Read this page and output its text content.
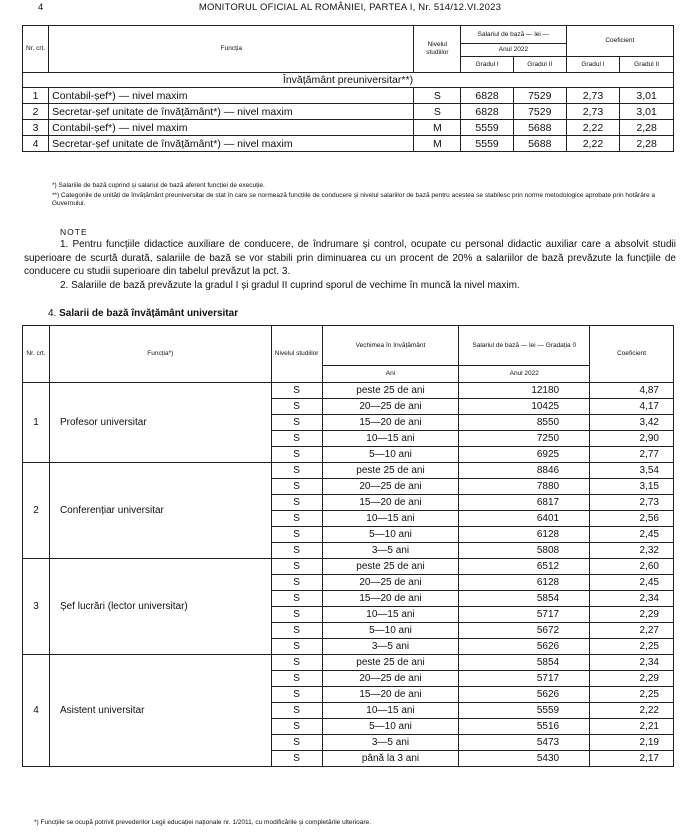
4	MONITORUL OFICIAL AL ROMÂNIEI, PARTEA I, Nr. 514/12.VI.2023
Nr. crt.	Funcția	Nivelul studiilor	Salariul de bază — lei —		Coeficient	
			Anul 2022			
			Gradul I	Gradul II	Gradul I	Gradul II
Învățământ preuniversitar**)						
1	Contabil-șef*) — nivel maxim	S	6828	7529	2,73	3,01
2	Secretar-șef unitate de învățământ*) — nivel maxim	S	6828	7529	2,73	3,01
3	Contabil-șef*) — nivel maxim	M	5559	5688	2,22	2,28
4	Secretar-șef unitate de învățământ*) — nivel maxim	M	5559	5688	2,22	2,28
*) Salariile de bază cuprind și salariul de bază aferent funcției de execuție.
**) Categoriile de unități de învățământ preuniversitar de stat în care se normează funcțiile de conducere și nivelul salariilor de bază pentru acestea se stabilesc prin norme metodologice aprobate prin hotărâre a Guvernului.
NOTE

1. Pentru funcțiile didactice auxiliare de conducere, de îndrumare și control, ocupate cu personal didactic auxiliar care a absolvit studii superioare de scurtă durată, salariile de bază se vor stabili prin diminuarea cu un procent de 20% a salariilor de bază prevăzute la funcțiile de conducere cu studii superioare din tabelul prevăzut la pct. 3.

2. Salariile de bază prevăzute la gradul I și gradul II cuprind sporul de vechime în muncă la nivel maxim.

4. Salarii de bază învățământ universitar
Nr. crt.	Funcția*)	Nivelul studiilor	Vechimea în învățământ	Salariul de bază — lei — Gradația 0	Coeficient
			Ani	Anul 2022	
1	Profesor universitar	S	peste 25 de ani	12180	4,87
		S	20—25 de ani	10425	4,17
		S	15—20 de ani	8550	3,42
		S	10—15 ani	7250	2,90
		S	5—10 ani	6925	2,77
2	Conferențiar universitar	S	peste 25 de ani	8846	3,54
		S	20—25 de ani	7880	3,15
		S	15—20 de ani	6817	2,73
		S	10—15 ani	6401	2,56
		S	5—10 ani	6128	2,45
		S	3—5 ani	5808	2,32
3	Șef lucrări (lector universitar)	S	peste 25 de ani	6512	2,60
		S	20—25 de ani	6128	2,45
		S	15—20 de ani	5854	2,34
		S	10—15 ani	5717	2,29
		S	5—10 ani	5672	2,27
		S	3—5 ani	5626	2,25
4	Asistent universitar	S	peste 25 de ani	5854	2,34
		S	20—25 de ani	5717	2,29
		S	15—20 de ani	5626	2,25
		S	10—15 ani	5559	2,22
		S	5—10 ani	5516	2,21
		S	3—5 ani	5473	2,19
		S	până la 3 ani	5430	2,17
*) Funcțiile se ocupă potrivit prevederilor Legii educației naționale nr. 1/2011, cu modificările și completările ulterioare.
